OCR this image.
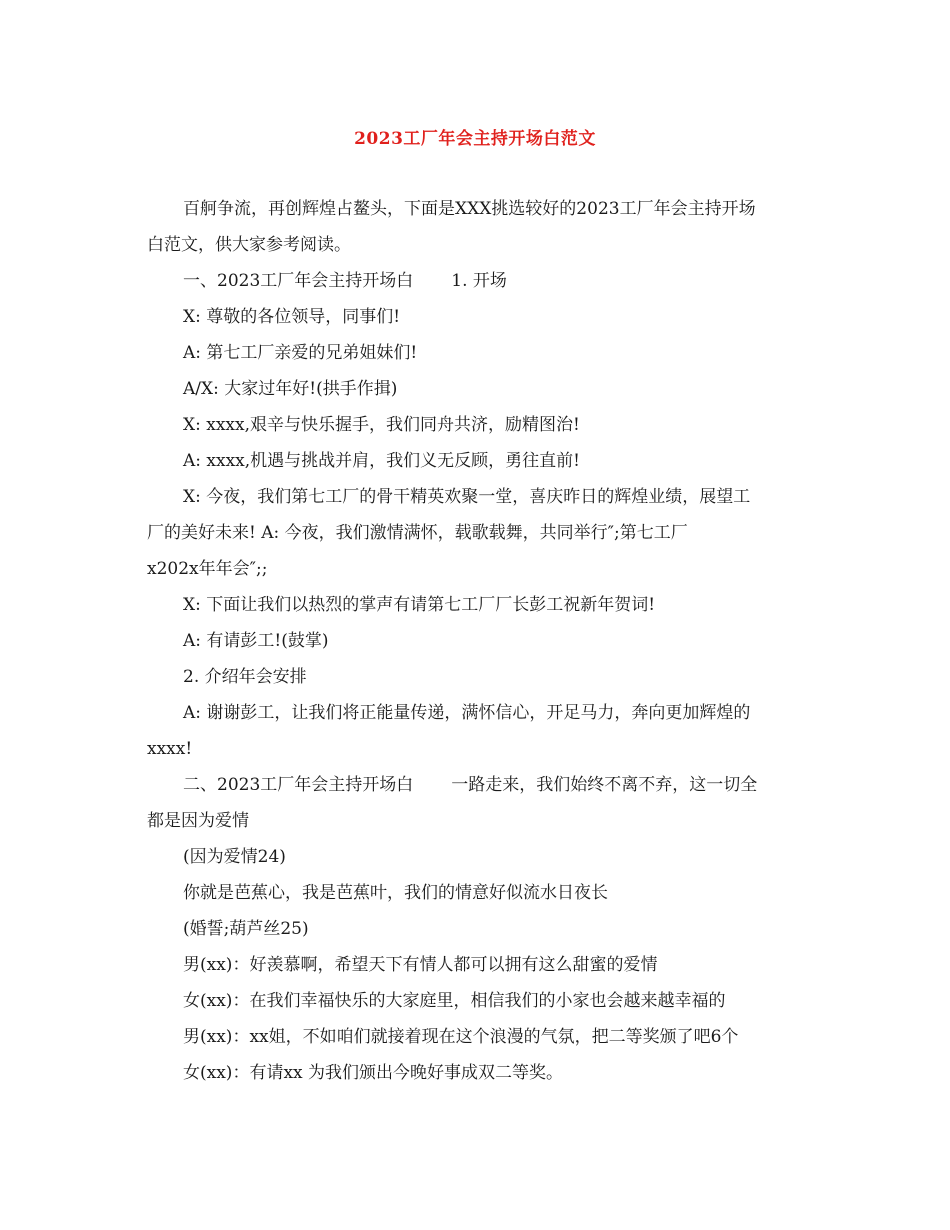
2023工厂年会主持开场白范文
百舸争流，再创辉煌占鳌头，下面是XXX挑选较好的2023工厂年会主持开场
白范文，供大家参考阅读。
一、2023工厂年会主持开场白 1. 开场
X: 尊敬的各位领导，同事们!
A: 第七工厂亲爱的兄弟姐妹们!
A/X: 大家过年好!(拱手作揖)
X: xxxx,艰辛与快乐握手，我们同舟共济，励精图治!
A: xxxx,机遇与挑战并肩，我们义无反顾，勇往直前!
X: 今夜，我们第七工厂的骨干精英欢聚一堂，喜庆昨日的辉煌业绩，展望工
厂的美好未来! A: 今夜，我们激情满怀，载歌载舞，共同举行″;第七工厂
x202x年年会″;;
X: 下面让我们以热烈的掌声有请第七工厂厂长彭工祝新年贺词!
A: 有请彭工!(鼓掌)
2. 介绍年会安排
A: 谢谢彭工，让我们将正能量传递，满怀信心，开足马力，奔向更加辉煌的
xxxx!
二、2023工厂年会主持开场白 一路走来，我们始终不离不弃，这一切全
都是因为爱情
(因为爱情24)
你就是芭蕉心，我是芭蕉叶，我们的情意好似流水日夜长
(婚誓;葫芦丝25)
男(xx)：好羡慕啊，希望天下有情人都可以拥有这么甜蜜的爱情
女(xx)：在我们幸福快乐的大家庭里，相信我们的小家也会越来越幸福的
男(xx)：xx姐，不如咱们就接着现在这个浪漫的气氛，把二等奖颁了吧6个
女(xx)：有请xx 为我们颁出今晚好事成双二等奖。
